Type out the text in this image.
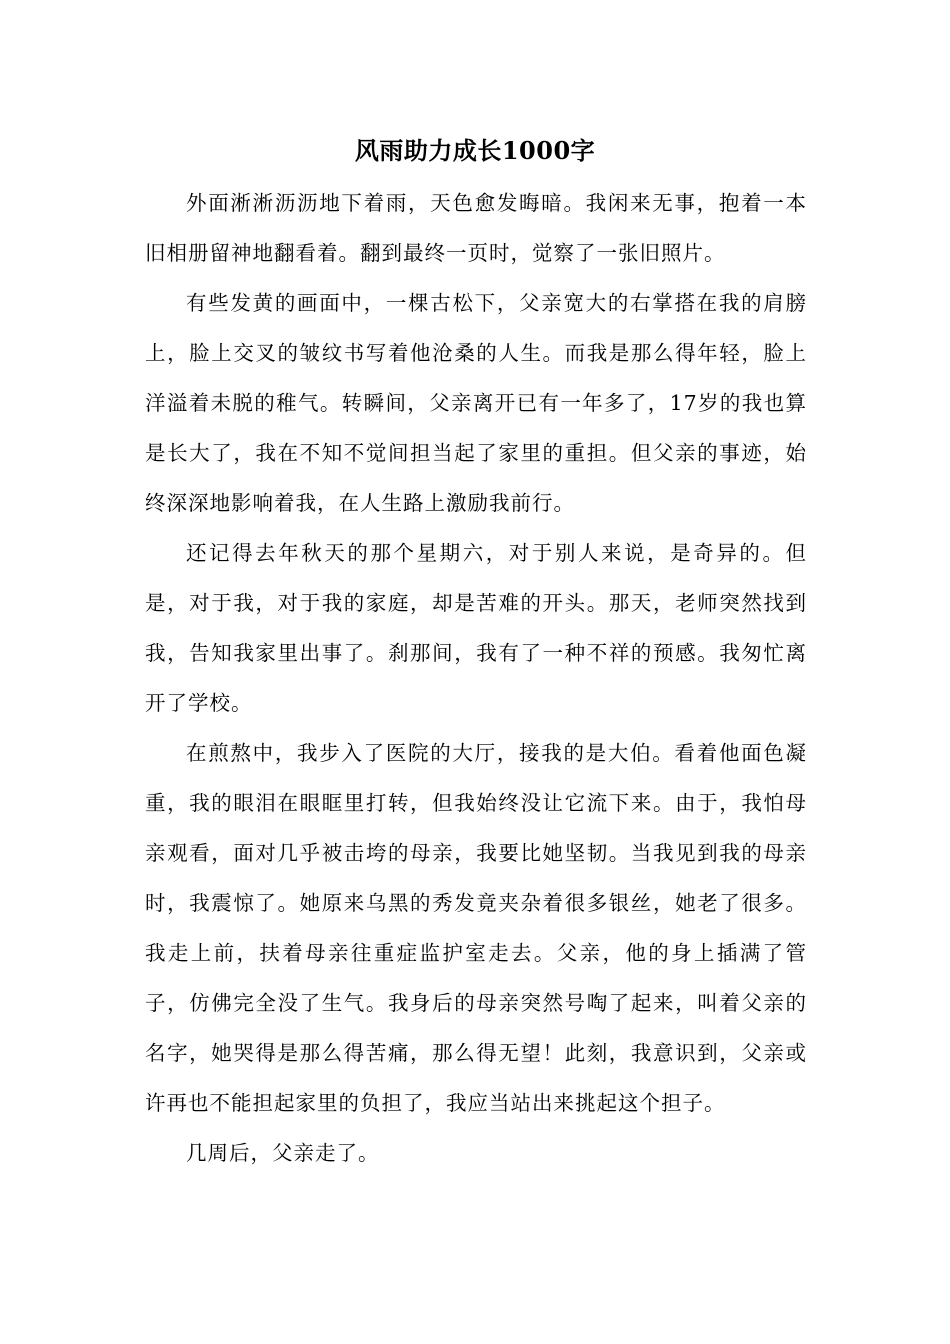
风雨助力成长1000字

外面淅淅沥沥地下着雨，天色愈发晦暗。我闲来无事，抱着一本旧相册留神地翻看着。翻到最终一页时，觉察了一张旧照片。

有些发黄的画面中，一棵古松下，父亲宽大的右掌搭在我的肩膀上，脸上交叉的皱纹书写着他沧桑的人生。而我是那么得年轻，脸上洋溢着未脱的稚气。转瞬间，父亲离开已有一年多了，17岁的我也算是长大了，我在不知不觉间担当起了家里的重担。但父亲的事迹，始终深深地影响着我，在人生路上激励我前行。

还记得去年秋天的那个星期六，对于别人来说，是奇异的。但是，对于我，对于我的家庭，却是苦难的开头。那天，老师突然找到我，告知我家里出事了。刹那间，我有了一种不祥的预感。我匆忙离开了学校。

在煎熬中，我步入了医院的大厅，接我的是大伯。看着他面色凝重，我的眼泪在眼眶里打转，但我始终没让它流下来。由于，我怕母亲观看，面对几乎被击垮的母亲，我要比她坚韧。当我见到我的母亲时，我震惊了。她原来乌黑的秀发竟夹杂着很多银丝，她老了很多。我走上前，扶着母亲往重症监护室走去。父亲，他的身上插满了管子，仿佛完全没了生气。我身后的母亲突然号啕了起来，叫着父亲的名字，她哭得是那么得苦痛，那么得无望！此刻，我意识到，父亲或许再也不能担起家里的负担了，我应当站出来挑起这个担子。

几周后，父亲走了。
